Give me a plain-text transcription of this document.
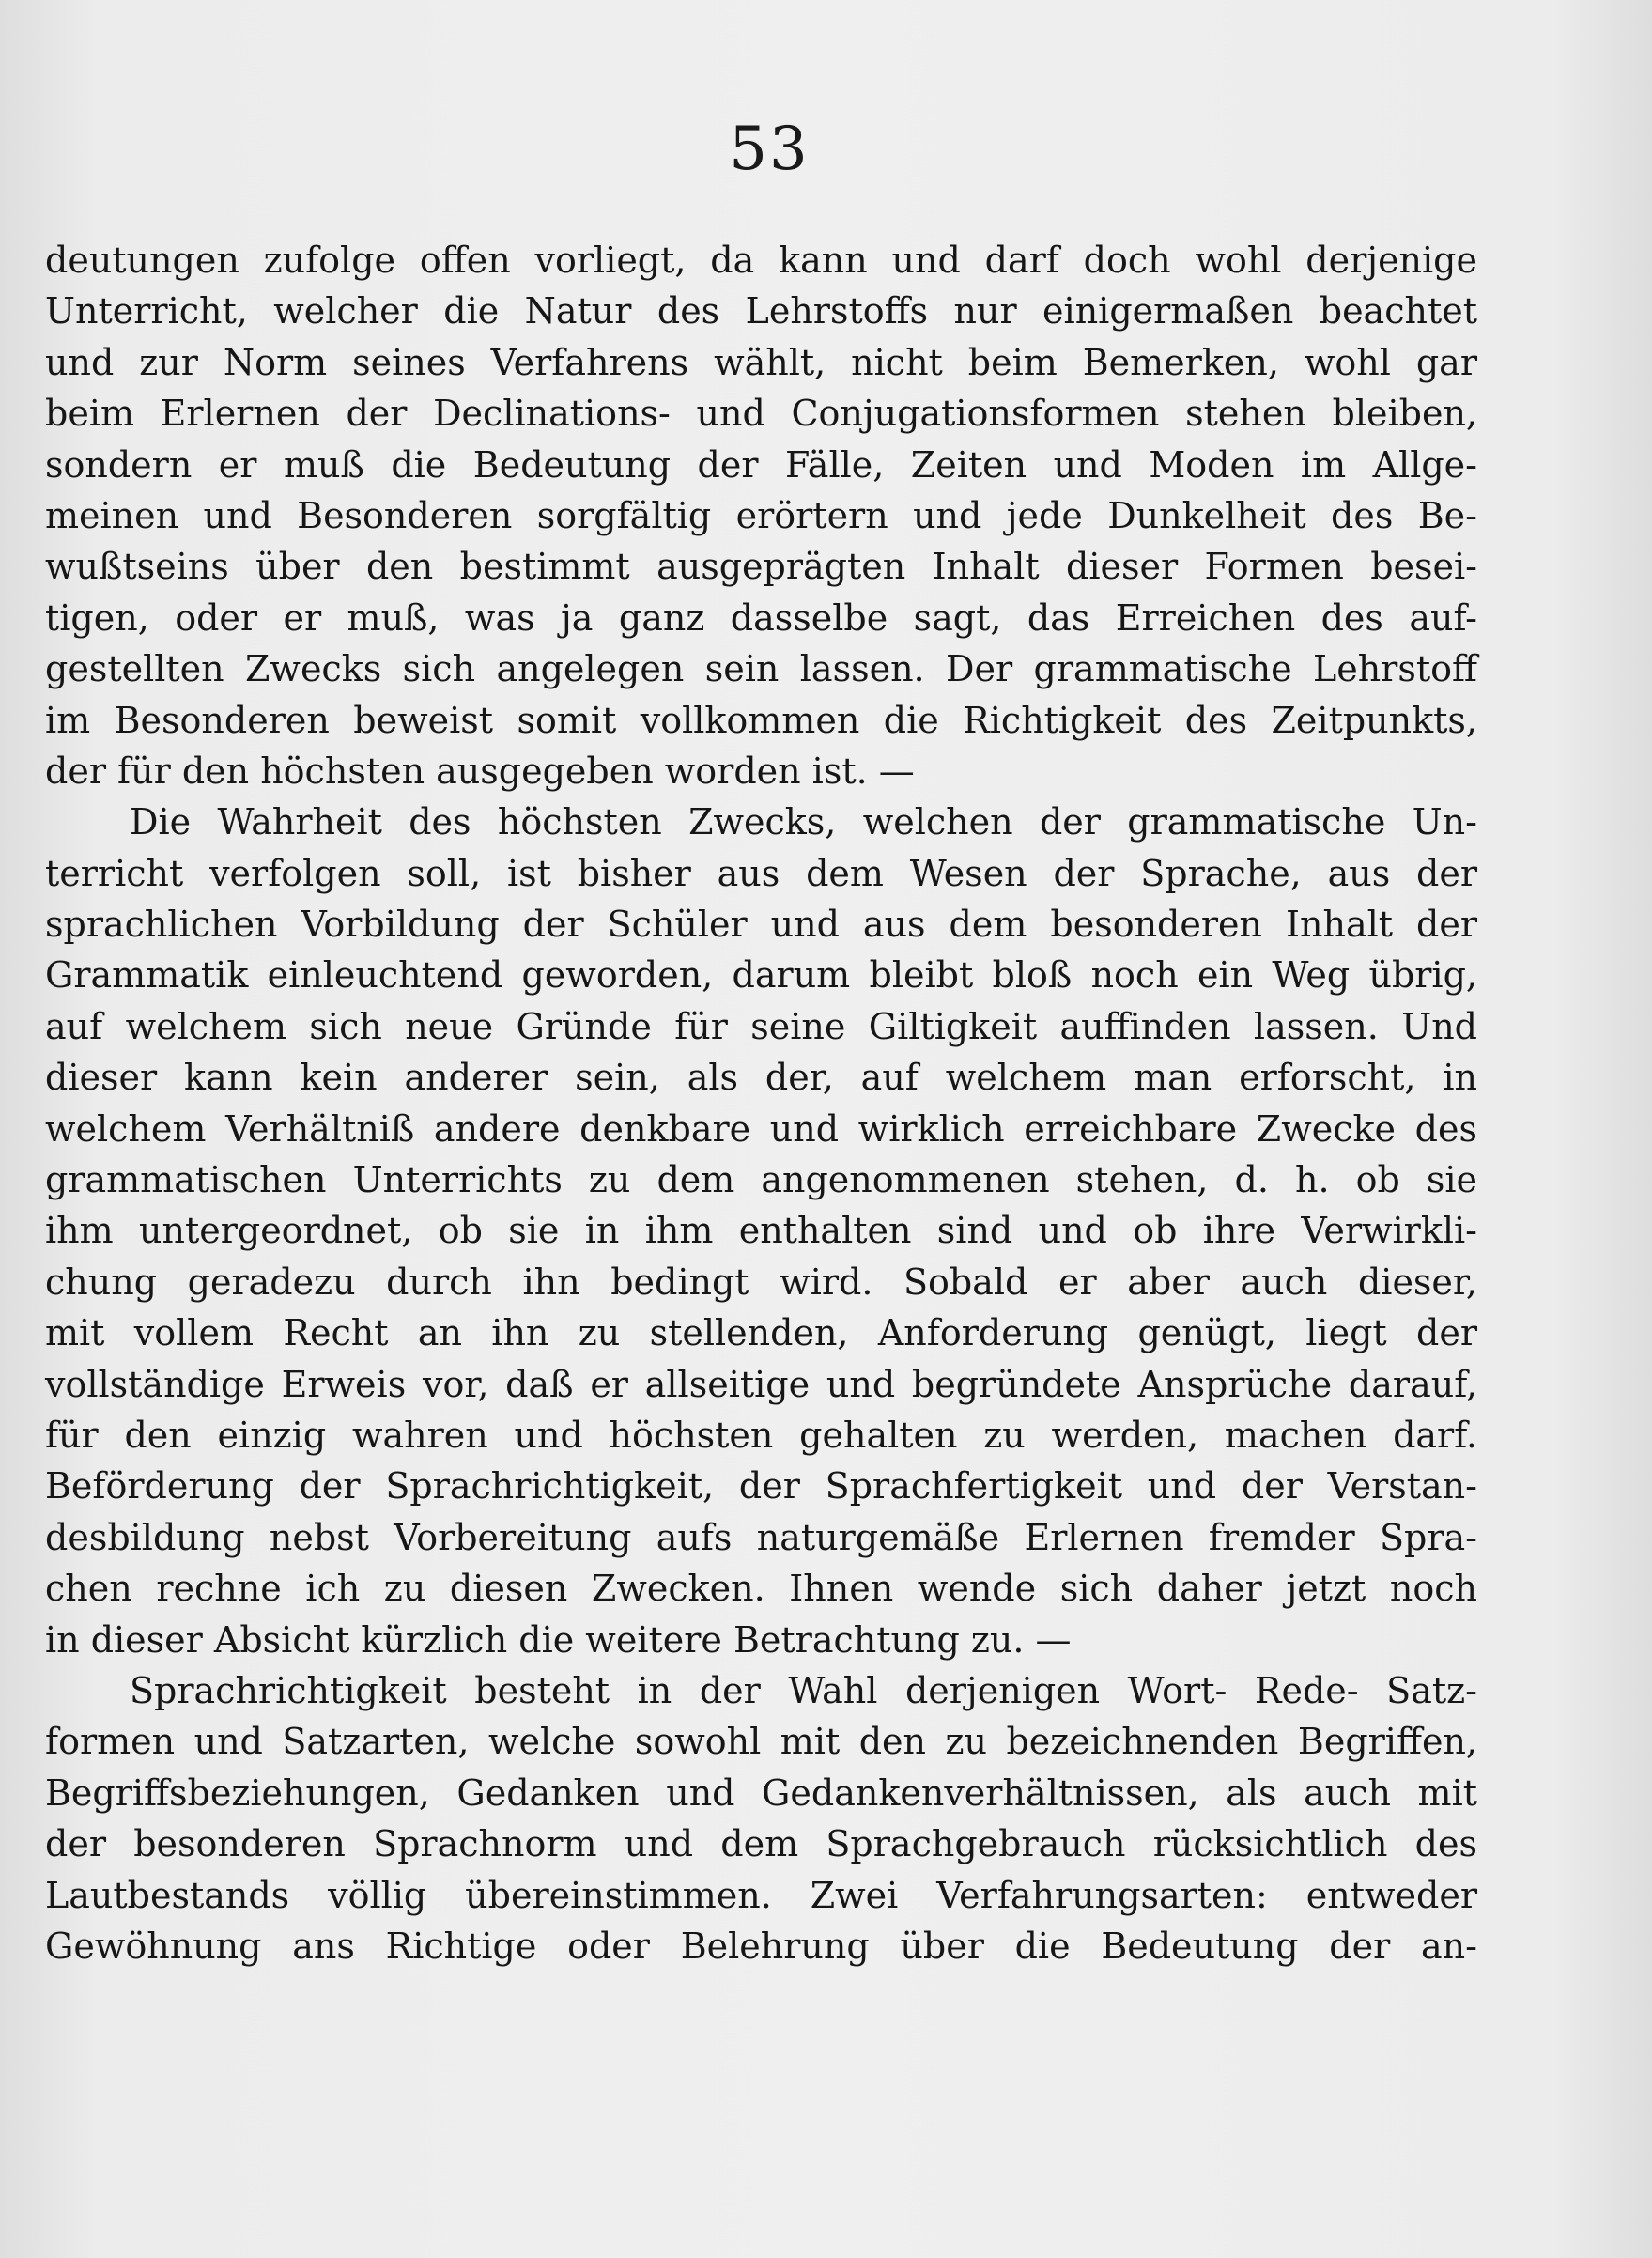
53
deutungen zufolge offen vorliegt, da kann und darf doch wohl derjenige
Unterricht, welcher die Natur des Lehrstoffs nur einigermaßen beachtet
und zur Norm seines Verfahrens wählt, nicht beim Bemerken, wohl gar
beim Erlernen der Declinations- und Conjugationsformen stehen bleiben,
sondern er muß die Bedeutung der Fälle, Zeiten und Moden im Allge-
meinen und Besonderen sorgfältig erörtern und jede Dunkelheit des Be-
wußtseins über den bestimmt ausgeprägten Inhalt dieser Formen besei-
tigen, oder er muß, was ja ganz dasselbe sagt, das Erreichen des auf-
gestellten Zwecks sich angelegen sein lassen. Der grammatische Lehrstoff
im Besonderen beweist somit vollkommen die Richtigkeit des Zeitpunkts,
der für den höchsten ausgegeben worden ist. —
Die Wahrheit des höchsten Zwecks, welchen der grammatische Un-
terricht verfolgen soll, ist bisher aus dem Wesen der Sprache, aus der
sprachlichen Vorbildung der Schüler und aus dem besonderen Inhalt der
Grammatik einleuchtend geworden, darum bleibt bloß noch ein Weg übrig,
auf welchem sich neue Gründe für seine Giltigkeit auffinden lassen. Und
dieser kann kein anderer sein, als der, auf welchem man erforscht, in
welchem Verhältniß andere denkbare und wirklich erreichbare Zwecke des
grammatischen Unterrichts zu dem angenommenen stehen, d. h. ob sie
ihm untergeordnet, ob sie in ihm enthalten sind und ob ihre Verwirkli-
chung geradezu durch ihn bedingt wird. Sobald er aber auch dieser,
mit vollem Recht an ihn zu stellenden, Anforderung genügt, liegt der
vollständige Erweis vor, daß er allseitige und begründete Ansprüche darauf,
für den einzig wahren und höchsten gehalten zu werden, machen darf.
Beförderung der Sprachrichtigkeit, der Sprachfertigkeit und der Verstan-
desbildung nebst Vorbereitung aufs naturgemäße Erlernen fremder Spra-
chen rechne ich zu diesen Zwecken. Ihnen wende sich daher jetzt noch
in dieser Absicht kürzlich die weitere Betrachtung zu. —
Sprachrichtigkeit besteht in der Wahl derjenigen Wort- Rede- Satz-
formen und Satzarten, welche sowohl mit den zu bezeichnenden Begriffen,
Begriffsbeziehungen, Gedanken und Gedankenverhältnissen, als auch mit
der besonderen Sprachnorm und dem Sprachgebrauch rücksichtlich des
Lautbestands völlig übereinstimmen. Zwei Verfahrungsarten: entweder
Gewöhnung ans Richtige oder Belehrung über die Bedeutung der an-
